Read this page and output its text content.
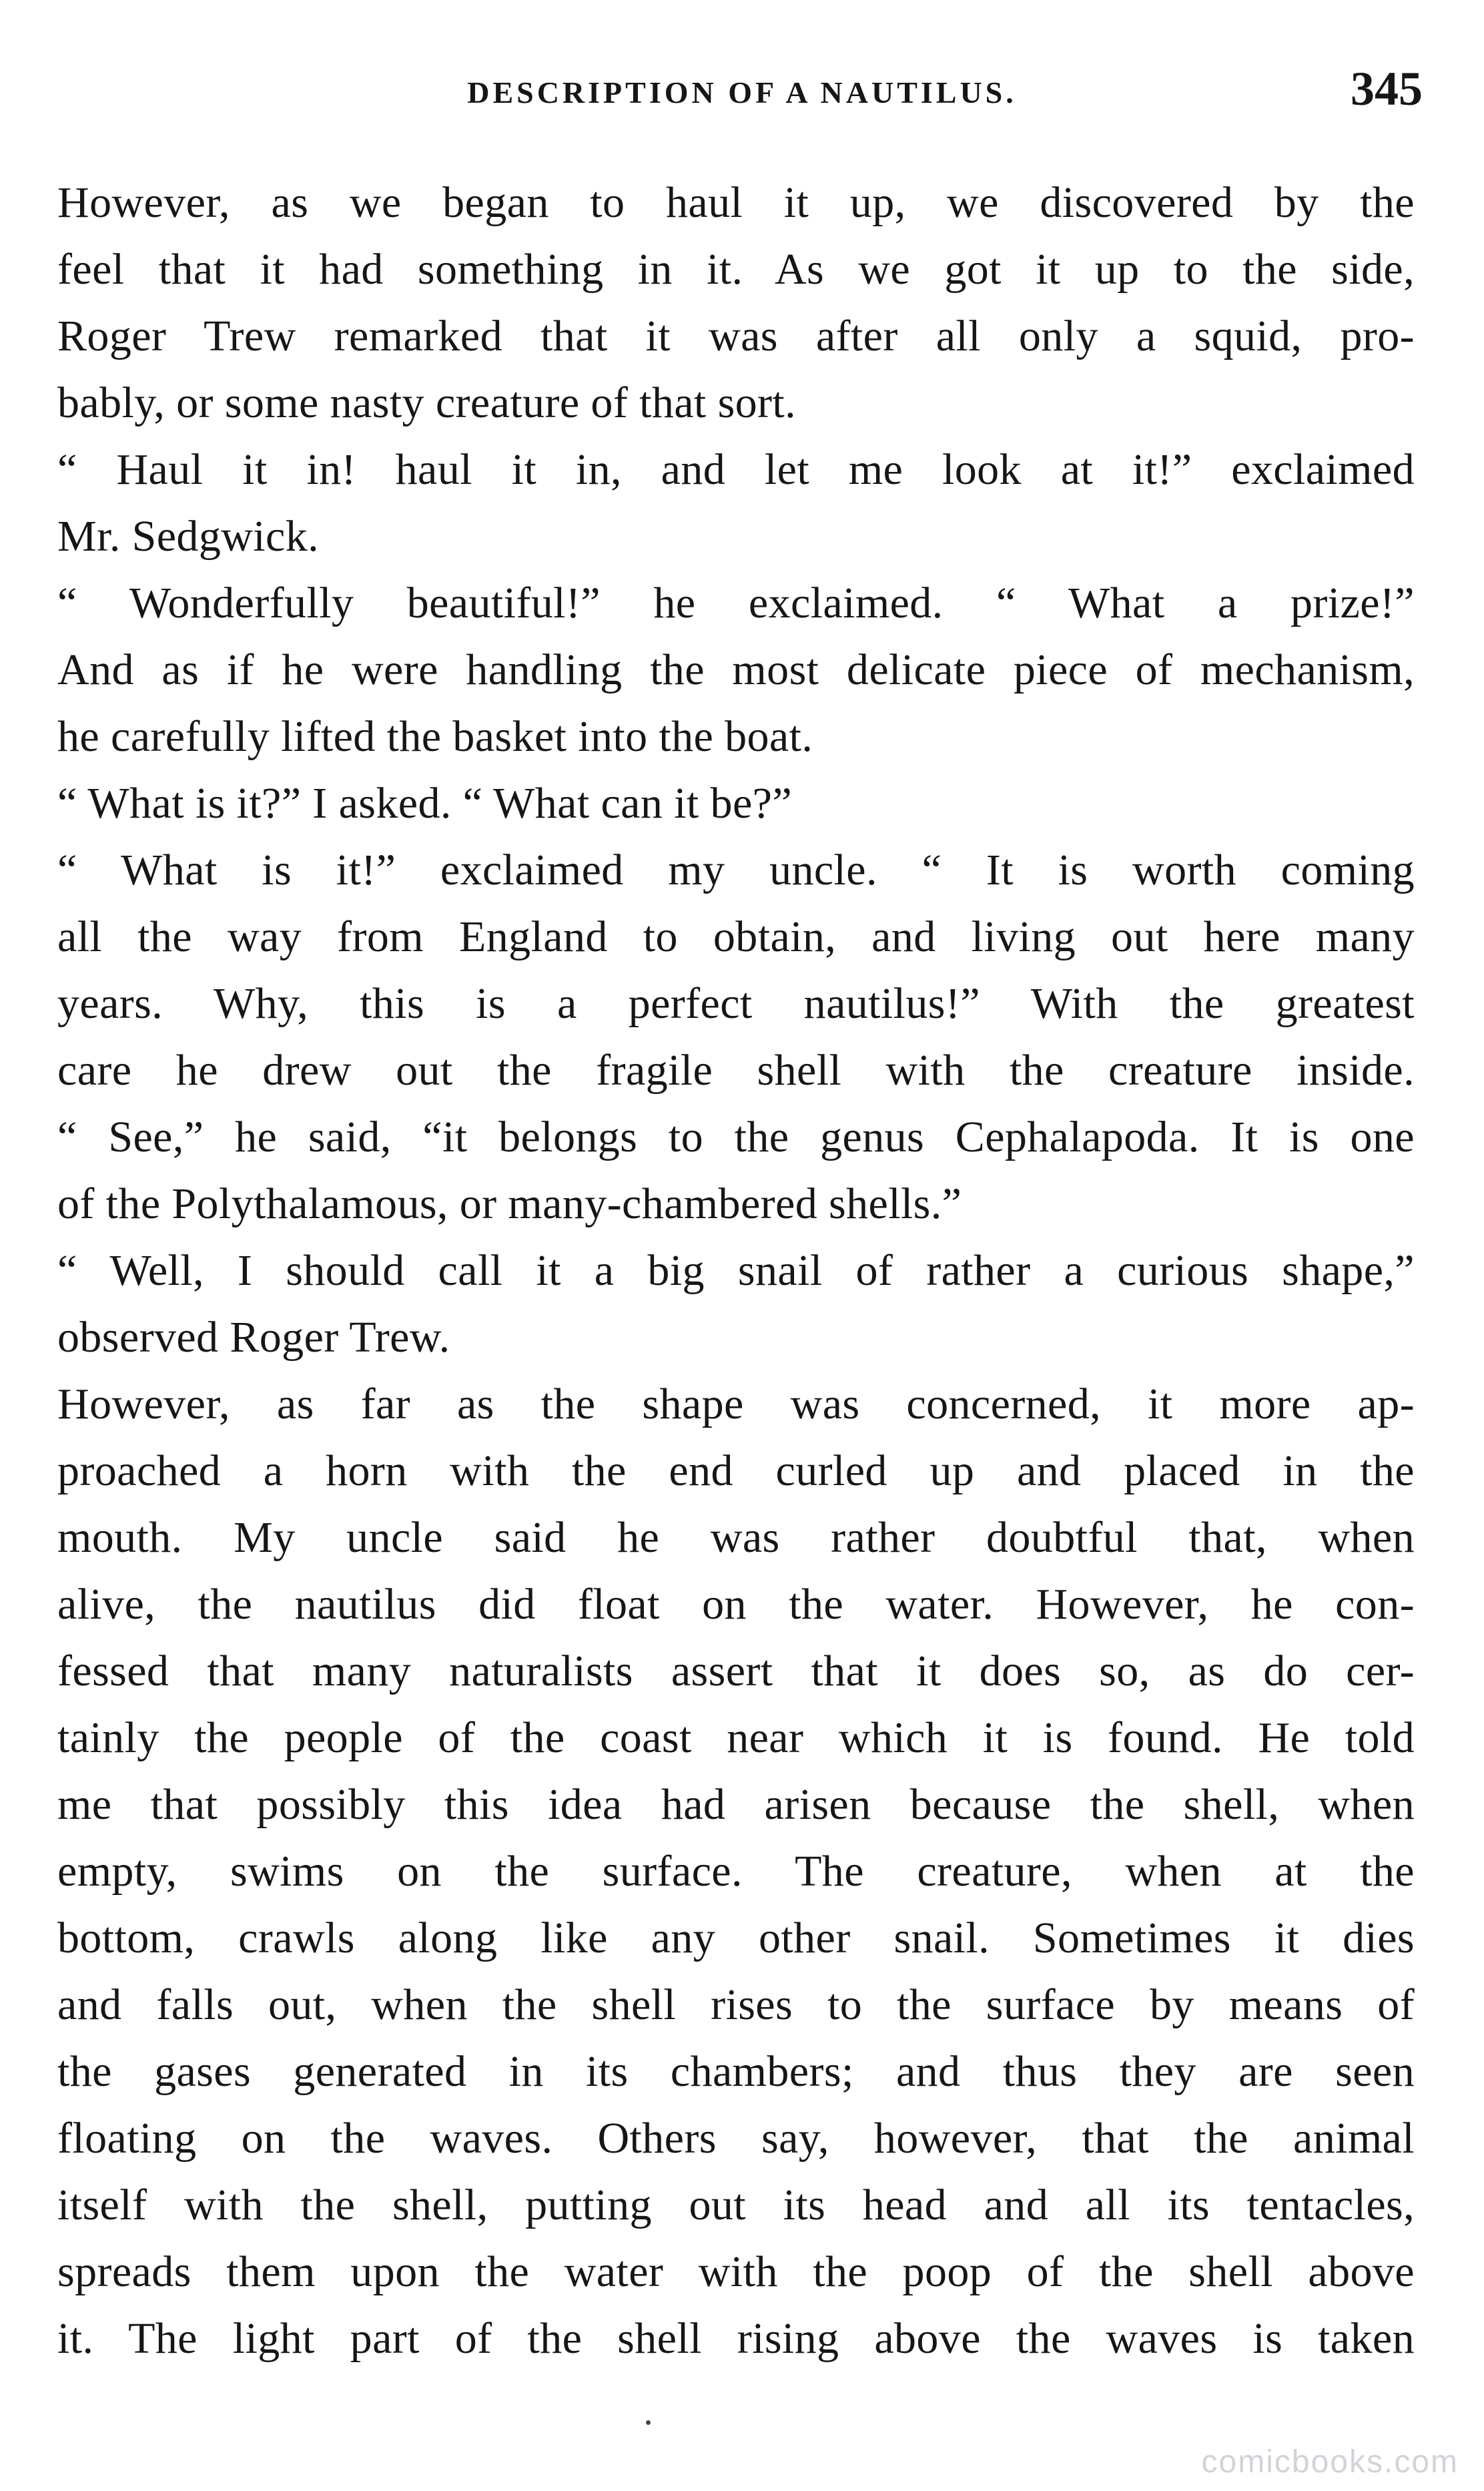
DESCRIPTION OF A NAUTILUS.	345
However, as we began to haul it up, we discovered by the
feel that it had something in it. As we got it up to the side,
Roger Trew remarked that it was after all only a squid, pro-
bably, or some nasty creature of that sort.
“ Haul it in! haul it in, and let me look at it!” exclaimed
Mr. Sedgwick.
“ Wonderfully beautiful!” he exclaimed. “ What a prize!”
And as if he were handling the most delicate piece of mechanism,
he carefully lifted the basket into the boat.
“ What is it?” I asked. “ What can it be?”
“ What is it!” exclaimed my uncle. “ It is worth coming
all the way from England to obtain, and living out here many
years. Why, this is a perfect nautilus!” With the greatest
care he drew out the fragile shell with the creature inside.
“ See,” he said, “it belongs to the genus Cephalapoda. It is one
of the Polythalamous, or many-chambered shells.”
“ Well, I should call it a big snail of rather a curious shape,”
observed Roger Trew.
However, as far as the shape was concerned, it more ap-
proached a horn with the end curled up and placed in the
mouth. My uncle said he was rather doubtful that, when
alive, the nautilus did float on the water. However, he con-
fessed that many naturalists assert that it does so, as do cer-
tainly the people of the coast near which it is found. He told
me that possibly this idea had arisen because the shell, when
empty, swims on the surface. The creature, when at the
bottom, crawls along like any other snail. Sometimes it dies
and falls out, when the shell rises to the surface by means of
the gases generated in its chambers; and thus they are seen
floating on the waves. Others say, however, that the animal
itself with the shell, putting out its head and all its tentacles,
spreads them upon the water with the poop of the shell above
it. The light part of the shell rising above the waves is taken
comicbooks.com
